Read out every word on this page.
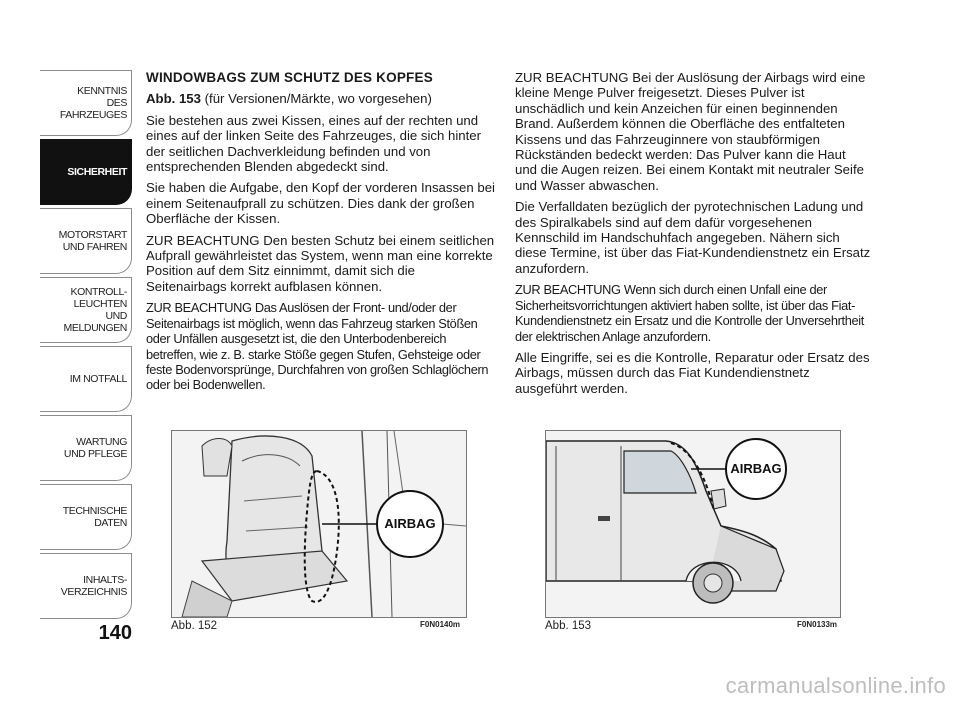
KENNTNIS
DES FAHRZEUGES
SICHERHEIT
MOTORSTART
UND FAHREN
KONTROLL-
LEUCHTEN
UND MELDUNGEN
IM NOTFALL
WARTUNG
UND PFLEGE
TECHNISCHE
DATEN
INHALTS-
VERZEICHNIS
140

WINDOWBAGS ZUM SCHUTZ DES KOPFES

Abb. 153 (für Versionen/Märkte, wo vorgesehen)

Sie bestehen aus zwei Kissen, eines auf der rechten und eines auf der linken Seite des Fahrzeuges, die sich hinter der seitlichen Dachverkleidung befinden und von entsprechenden Blenden abgedeckt sind.

Sie haben die Aufgabe, den Kopf der vorderen Insassen bei einem Seitenaufprall zu schützen. Dies dank der großen Oberfläche der Kissen.

ZUR BEACHTUNG Den besten Schutz bei einem seitlichen Aufprall gewährleistet das System, wenn man eine korrekte Position auf dem Sitz einnimmt, damit sich die Seitenairbags korrekt aufblasen können.

ZUR BEACHTUNG Das Auslösen der Front- und/oder der Seitenairbags ist möglich, wenn das Fahrzeug starken Stößen oder Unfällen ausgesetzt ist, die den Unterbodenbereich betreffen, wie z. B. starke Stöße gegen Stufen, Gehsteige oder feste Bodenvorsprünge, Durchfahren von großen Schlaglöchern oder bei Bodenwellen.

ZUR BEACHTUNG Bei der Auslösung der Airbags wird eine kleine Menge Pulver freigesetzt. Dieses Pulver ist unschädlich und kein Anzeichen für einen beginnenden Brand. Außerdem können die Oberfläche des entfalteten Kissens und das Fahrzeuginnere von staubförmigen Rückständen bedeckt werden: Das Pulver kann die Haut und die Augen reizen. Bei einem Kontakt mit neutraler Seife und Wasser abwaschen.

Die Verfalldaten bezüglich der pyrotechnischen Ladung und des Spiralkabels sind auf dem dafür vorgesehenen Kennschild im Handschuhfach angegeben. Nähern sich diese Termine, ist über das Fiat-Kundendienstnetz ein Ersatz anzufordern.

ZUR BEACHTUNG Wenn sich durch einen Unfall eine der Sicherheitsvorrichtungen aktiviert haben sollte, ist über das Fiat-Kundendienstnetz ein Ersatz und die Kontrolle der Unversehrtheit der elektrischen Anlage anzufordern.

Alle Eingriffe, sei es die Kontrolle, Reparatur oder Ersatz des Airbags, müssen durch das Fiat Kundendienstnetz ausgeführt werden.

AIRBAG
Abb. 152	F0N0140m
AIRBAG
Abb. 153	F0N0133m
carmanualsonline.info
